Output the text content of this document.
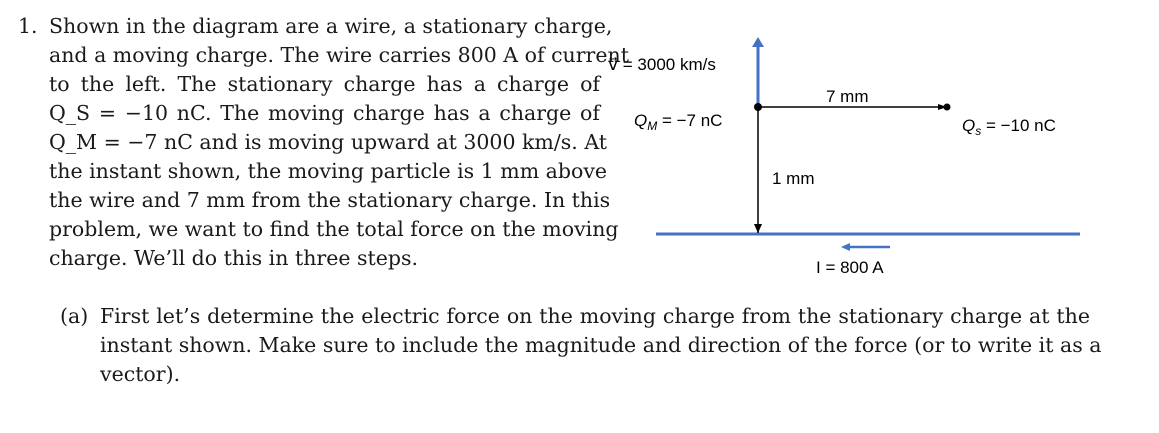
1. Shown in the diagram are a wire, a stationary charge,
and a moving charge. The wire carries 800 A of current
to the left. The stationary charge has a charge of
Q_S = −10 nC. The moving charge has a charge of
Q_M = −7 nC and is moving upward at 3000 km/s. At
the instant shown, the moving particle is 1 mm above
the wire and 7 mm from the stationary charge. In this
problem, we want to find the total force on the moving
charge. We’ll do this in three steps.
v⃗ = 3000 km/s
$Q_M = -7$ nC	$Q_s = -10$ nC
7 mm
1 mm
I = 800 A
(a) First let’s determine the electric force on the moving charge from the stationary charge at the
instant shown. Make sure to include the magnitude and direction of the force (or to write it as a
vector).
